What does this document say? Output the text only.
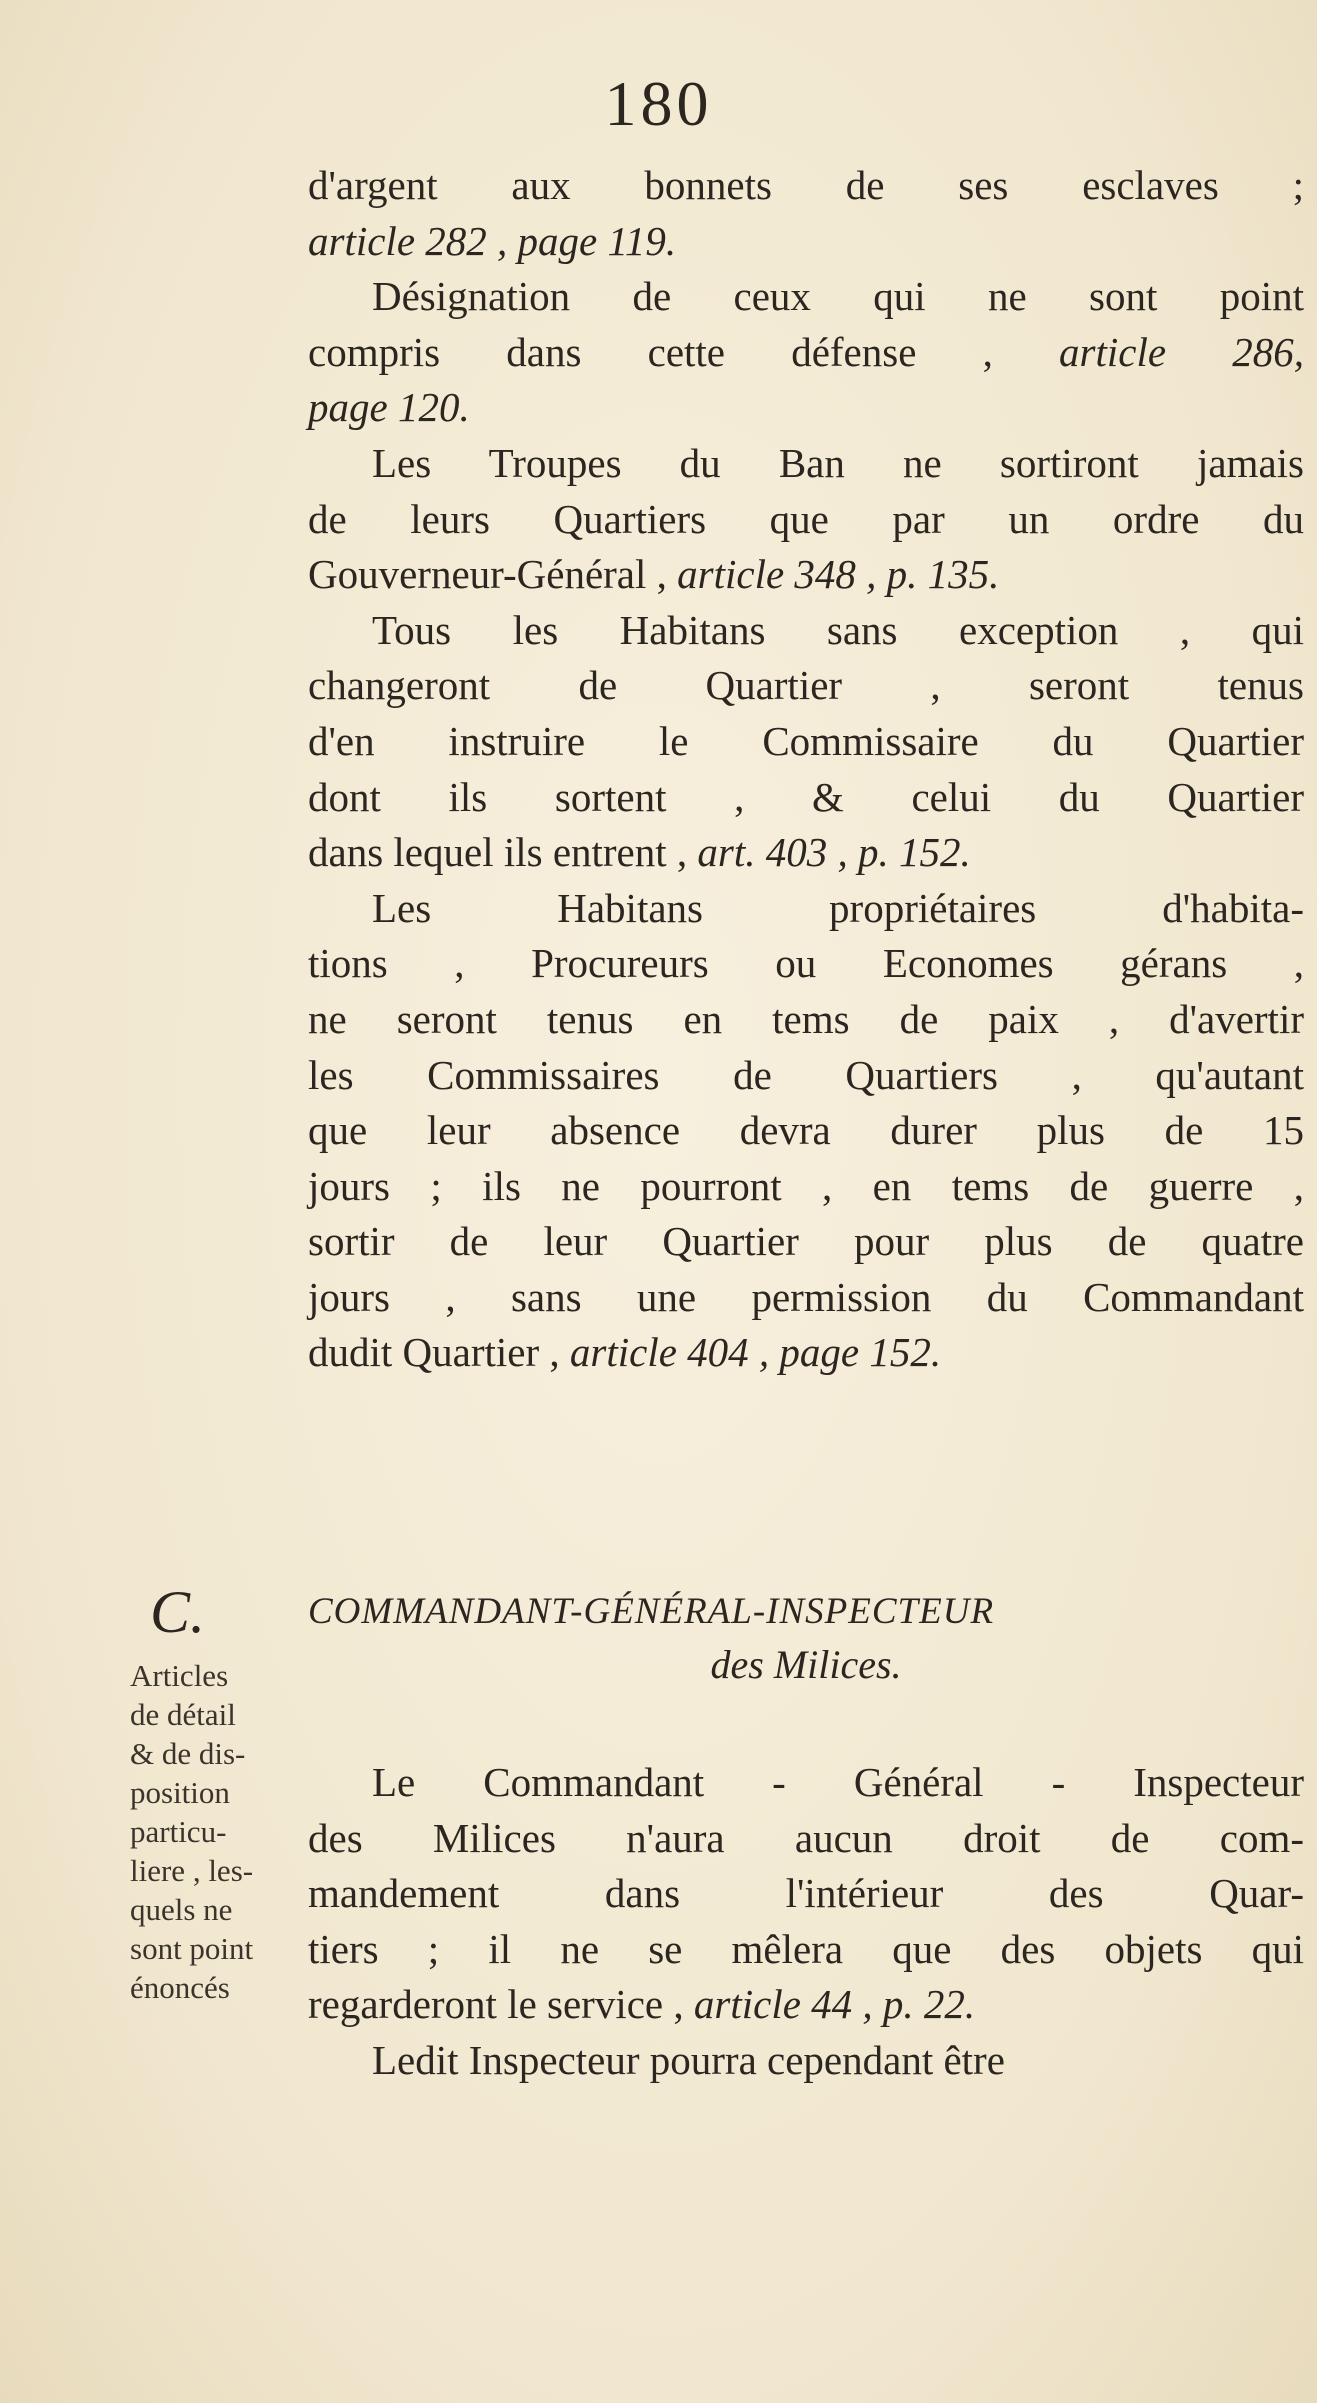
180
d'argent aux bonnets de ses esclaves ;
article 282 , page 119.
Désignation de ceux qui ne sont point
compris dans cette défense , article 286,
page 120.
Les Troupes du Ban ne sortiront jamais
de leurs Quartiers que par un ordre du
Gouverneur-Général , article 348 , p. 135.
Tous les Habitans sans exception , qui
changeront de Quartier , seront tenus
d'en instruire le Commissaire du Quartier
dont ils sortent , & celui du Quartier
dans lequel ils entrent , art. 403 , p. 152.
Les Habitans propriétaires d'habita-
tions , Procureurs ou Economes gérans ,
ne seront tenus en tems de paix , d'avertir
les Commissaires de Quartiers , qu'autant
que leur absence devra durer plus de 15
jours ; ils ne pourront , en tems de guerre ,
sortir de leur Quartier pour plus de quatre
jours , sans une permission du Commandant
dudit Quartier , article 404 , page 152.
C.
Articles
de détail
& de dis-
position
particu-
liere , les-
quels ne
sont point
énoncés
COMMANDANT-GÉNÉRAL-INSPECTEUR
des Milices.
Le Commandant - Général - Inspecteur
des Milices n'aura aucun droit de com-
mandement dans l'intérieur des Quar-
tiers ; il ne se mêlera que des objets qui
regarderont le service , article 44 , p. 22.
Ledit Inspecteur pourra cependant être
